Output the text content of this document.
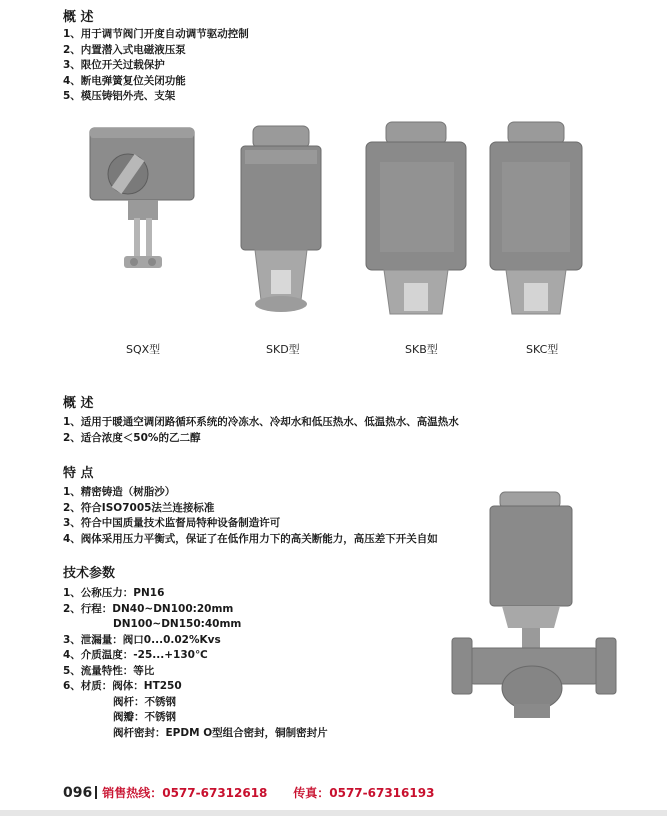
概 述
1、用于调节阀门开度自动调节驱动控制
2、内置潜入式电磁液压泵
3、限位开关过载保护
4、断电弹簧复位关闭功能
5、模压铸铝外壳、支架
SQX型	SKD型	SKB型	SKC型
概 述
1、适用于暖通空调闭路循环系统的冷冻水、冷却水和低压热水、低温热水、高温热水
2、适合浓度＜50%的乙二醇
特 点
1、精密铸造（树脂沙）
2、符合ISO7005法兰连接标准
3、符合中国质量技术监督局特种设备制造许可
4、阀体采用压力平衡式，保证了在低作用力下的高关断能力，高压差下开关自如
技术参数
1、公称压力：PN16
2、行程：DN40~DN100:20mm
DN100~DN150:40mm
3、泄漏量：阀口0...0.02%Kvs
4、介质温度：-25...+130℃
5、流量特性：等比
6、材质：阀体：HT250
阀杆：不锈钢
阀瓣：不锈钢
阀杆密封：EPDM O型组合密封，铜制密封片
096 销售热线：0577-67312618 传真：0577-67316193
